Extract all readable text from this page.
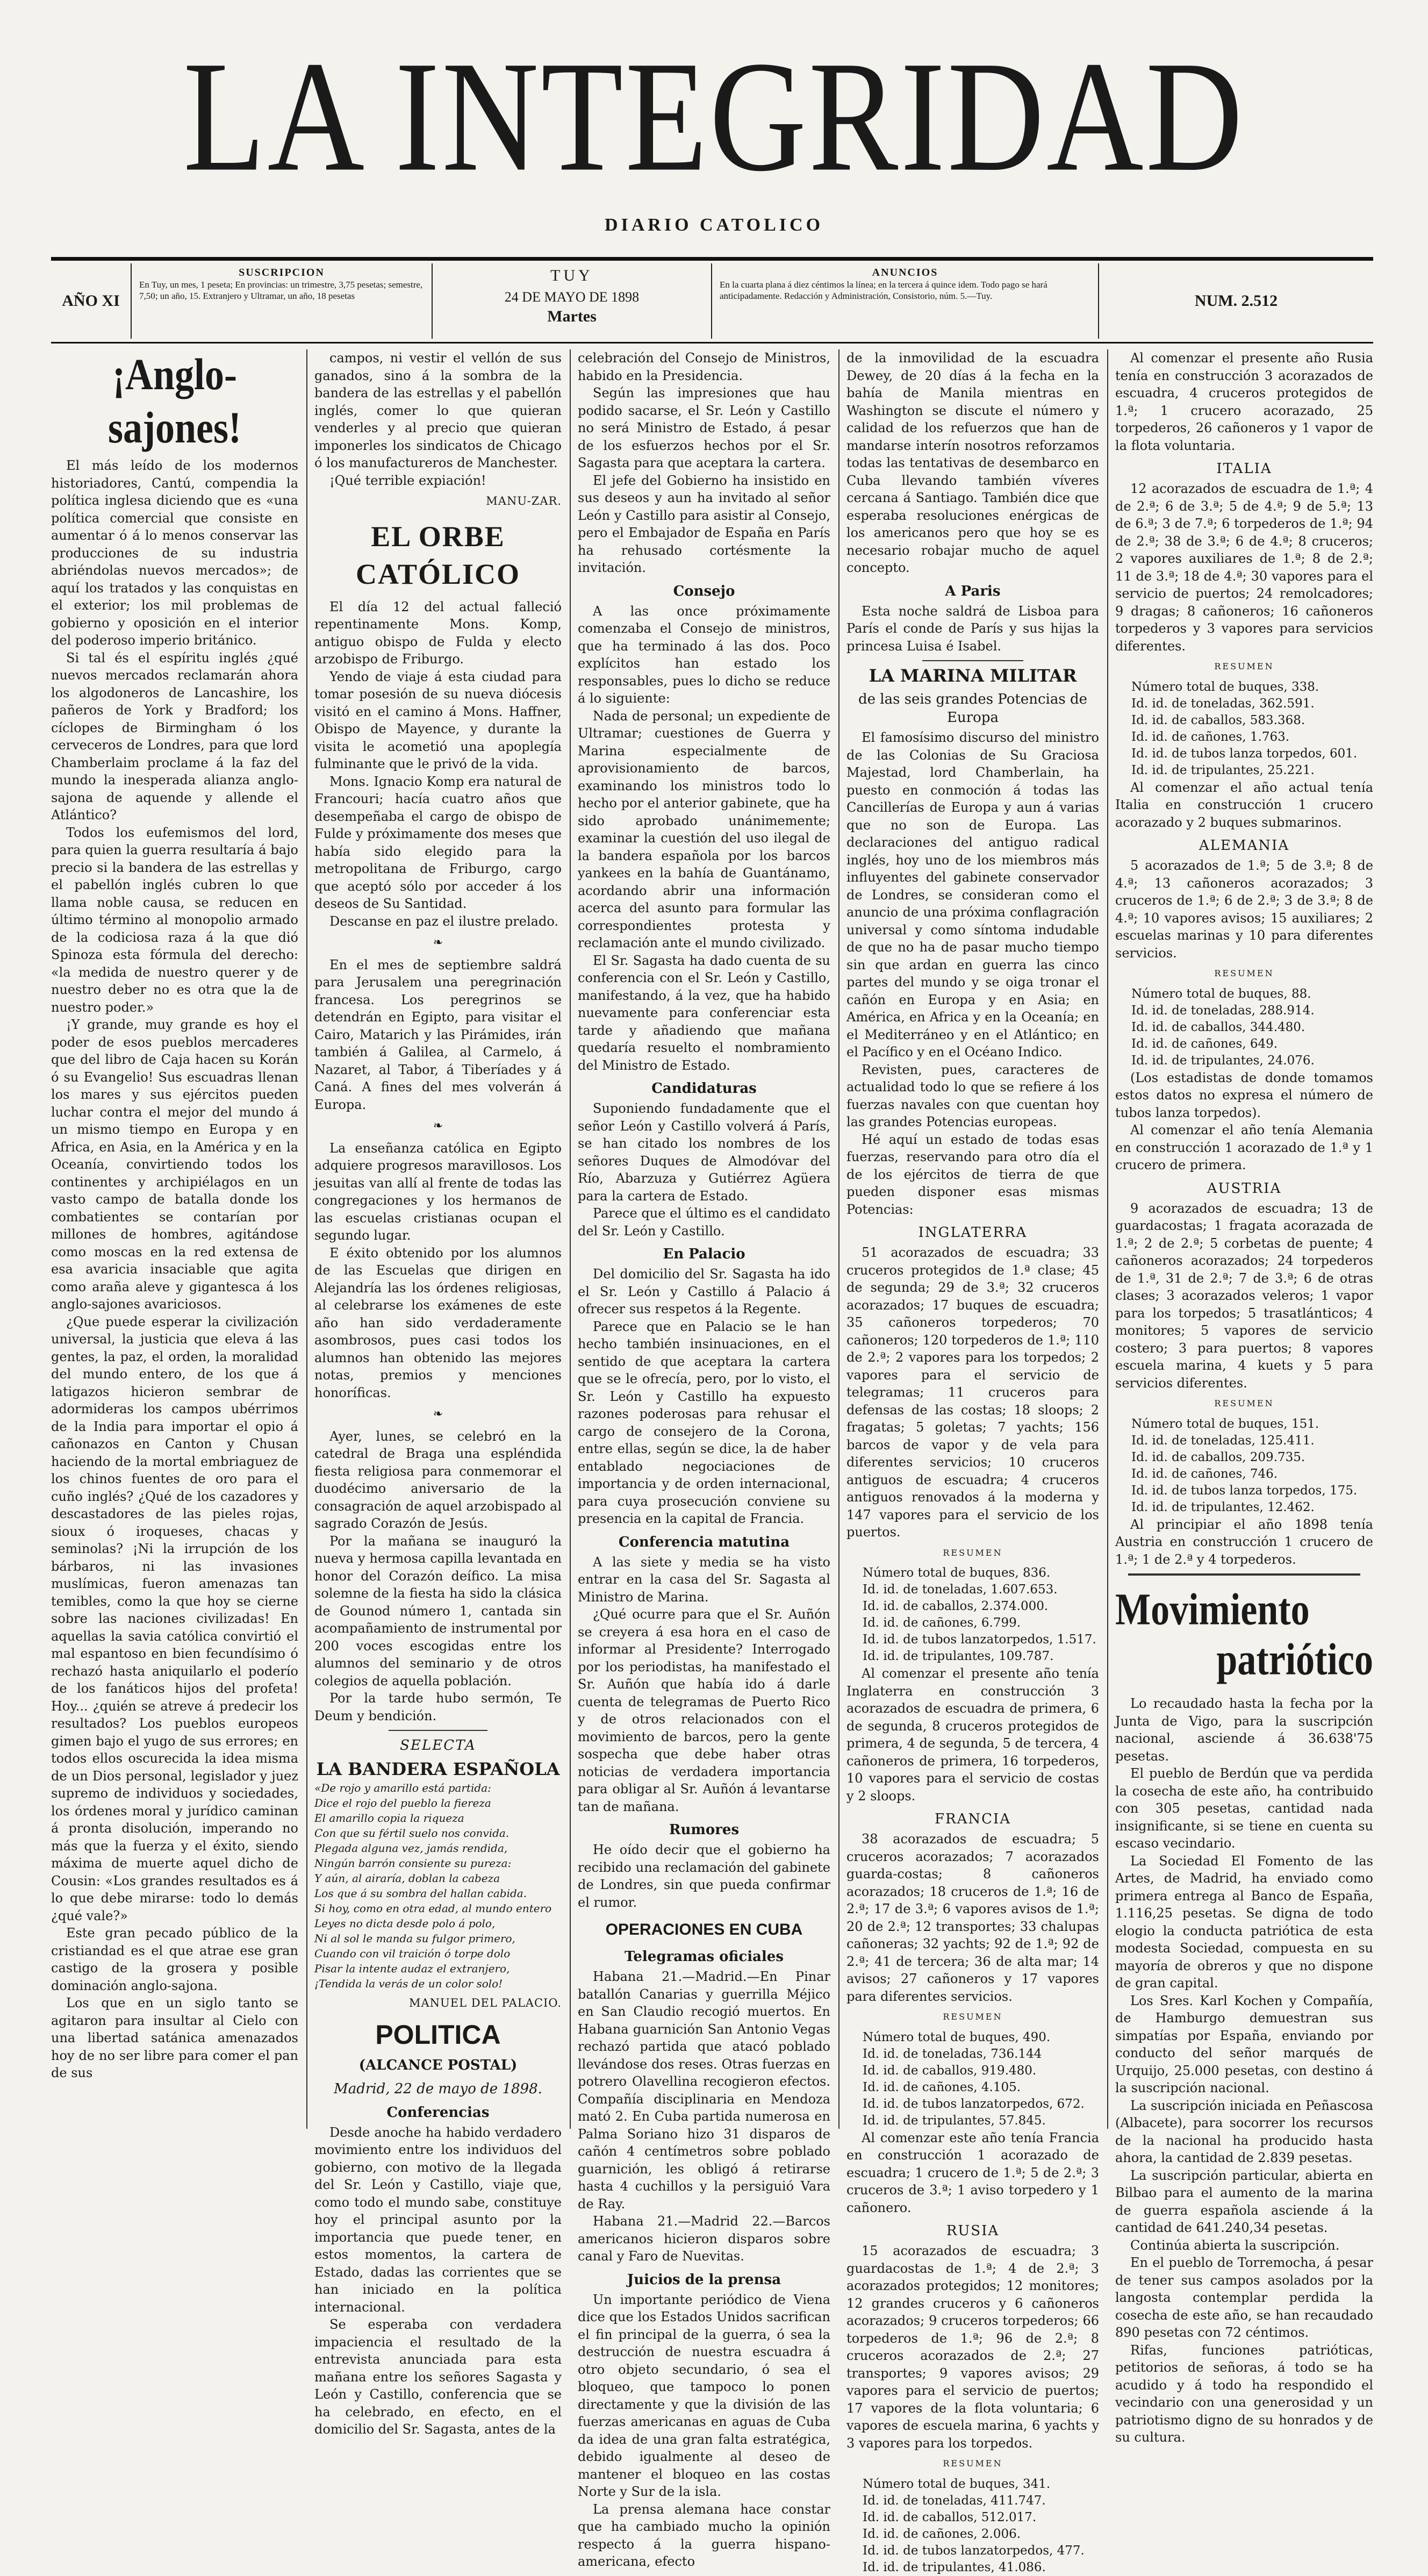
LA INTEGRIDAD
DIARIO CATOLICO
AÑO XI
SUSCRIPCION
En Tuy, un mes, 1 peseta; En provincias: un trimestre, 3,75 pesetas; semestre, 7,50; un año, 15. Extranjero y Ultramar, un año, 18 pesetas
TUY
24 DE MAYO DE 1898
Martes
ANUNCIOS
En la cuarta plana á diez céntimos la línea; en la tercera á quince idem. Todo pago se hará anticipadamente. Redacción y Administración, Consistorio, núm. 5.—Tuy.	NUM. 2.512
¡Anglo-sajones!

El más leído de los modernos historiadores, Cantú, compendia la política inglesa diciendo que es «una política comercial que consiste en aumentar ó á lo menos conservar las producciones de su industria abriéndolas nuevos mercados»; de aquí los tratados y las conquistas en el exterior; los mil problemas de gobierno y oposición en el interior del poderoso imperio británico.

Si tal és el espíritu inglés ¿qué nuevos mercados reclamarán ahora los algodoneros de Lancashire, los pañeros de York y Bradford; los cíclopes de Birmingham ó los cerveceros de Londres, para que lord Chamberlaim proclame á la faz del mundo la inesperada alianza anglo-sajona de aquende y allende el Atlántico?

Todos los eufemismos del lord, para quien la guerra resultaría á bajo precio si la bandera de las estrellas y el pabellón inglés cubren lo que llama noble causa, se reducen en último término al monopolio armado de la codiciosa raza á la que dió Spinoza esta fórmula del derecho: «la medida de nuestro querer y de nuestro deber no es otra que la de nuestro poder.»

¡Y grande, muy grande es hoy el poder de esos pueblos mercaderes que del libro de Caja hacen su Korán ó su Evangelio! Sus escuadras llenan los mares y sus ejércitos pueden luchar contra el mejor del mundo á un mismo tiempo en Europa y en Africa, en Asia, en la América y en la Oceanía, convirtiendo todos los continentes y archipiélagos en un vasto campo de batalla donde los combatientes se contarían por millones de hombres, agitándose como moscas en la red extensa de esa avaricia insaciable que agita como araña aleve y gigantesca á los anglo-sajones avariciosos.

¿Que puede esperar la civilización universal, la justicia que eleva á las gentes, la paz, el orden, la moralidad del mundo entero, de los que á latigazos hicieron sembrar de adormideras los campos ubérrimos de la India para importar el opio á cañonazos en Canton y Chusan haciendo de la mortal embriaguez de los chinos fuentes de oro para el cuño inglés? ¿Qué de los cazadores y descastadores de las pieles rojas, sioux ó iroqueses, chacas y seminolas? ¡Ni la irrupción de los bárbaros, ni las invasiones muslímicas, fueron amenazas tan temibles, como la que hoy se cierne sobre las naciones civilizadas! En aquellas la savia católica convirtió el mal espantoso en bien fecundísimo ó rechazó hasta aniquilarlo el poderío de los fanáticos hijos del profeta! Hoy... ¿quién se atreve á predecir los resultados? Los pueblos europeos gimen bajo el yugo de sus errores; en todos ellos oscurecida la idea misma de un Dios personal, legislador y juez supremo de individuos y sociedades, los órdenes moral y jurídico caminan á pronta disolución, imperando no más que la fuerza y el éxito, siendo máxima de muerte aquel dicho de Cousin: «Los grandes resultados es á lo que debe mirarse: todo lo demás ¿qué vale?»

Este gran pecado público de la cristiandad es el que atrae ese gran castigo de la grosera y posible dominación anglo-sajona.

Los que en un siglo tanto se agitaron para insultar al Cielo con una libertad satánica amenazados hoy de no ser libre para comer el pan de sus

campos, ni vestir el vellón de sus ganados, sino á la sombra de la bandera de las estrellas y el pabellón inglés, comer lo que quieran venderles y al precio que quieran imponerles los sindicatos de Chicago ó los manufactureros de Manchester.

¡Qué terrible expiación!

MANU-ZAR.
EL ORBE CATÓLICO

El día 12 del actual falleció repentinamente Mons. Komp, antiguo obispo de Fulda y electo arzobispo de Friburgo.

Yendo de viaje á esta ciudad para tomar posesión de su nueva diócesis visitó en el camino á Mons. Haffner, Obispo de Mayence, y durante la visita le acometió una apoplegía fulminante que le privó de la vida.

Mons. Ignacio Komp era natural de Francouri; hacía cuatro años que desempeñaba el cargo de obispo de Fulde y próximamente dos meses que había sido elegido para la metropolitana de Friburgo, cargo que aceptó sólo por acceder á los deseos de Su Santidad.

Descanse en paz el ilustre prelado.

❧

En el mes de septiembre saldrá para Jerusalem una peregrinación francesa. Los peregrinos se detendrán en Egipto, para visitar el Cairo, Matarich y las Pirámides, irán también á Galilea, al Carmelo, á Nazaret, al Tabor, á Tiberíades y á Caná. A fines del mes volverán á Europa.

❧

La enseñanza católica en Egipto adquiere progresos maravillosos. Los jesuitas van allí al frente de todas las congregaciones y los hermanos de las escuelas cristianas ocupan el segundo lugar.

E éxito obtenido por los alumnos de las Escuelas que dirigen en Alejandría las los órdenes religiosas, al celebrarse los exámenes de este año han sido verdaderamente asombrosos, pues casi todos los alumnos han obtenido las mejores notas, premios y menciones honoríficas.

❧

Ayer, lunes, se celebró en la catedral de Braga una espléndida fiesta religiosa para conmemorar el duodécimo aniversario de la consagración de aquel arzobispado al sagrado Corazón de Jesús.

Por la mañana se inauguró la nueva y hermosa capilla levantada en honor del Corazón deífico. La misa solemne de la fiesta ha sido la clásica de Gounod número 1, cantada sin acompañamiento de instrumental por 200 voces escogidas entre los alumnos del seminario y de otros colegios de aquella población.

Por la tarde hubo sermón, Te Deum y bendición.

SELECTA
LA BANDERA ESPAÑOLA
«De rojo y amarillo está partida:
Dice el rojo del pueblo la fiereza
El amarillo copia la riqueza
Con que su fértil suelo nos convida.
Plegada alguna vez, jamás rendida,
Ningún barrón consiente su pureza:
Y aún, al airaría, doblan la cabeza
Los que á su sombra del hallan cabida.
Si hoy, como en otra edad, al mundo entero
Leyes no dicta desde polo á polo,
Ni al sol le manda su fulgor primero,
Cuando con vil traición ó torpe dolo
Pisar la intente audaz el extranjero,
¡Tendida la verás de un color solo!
MANUEL DEL PALACIO.
POLITICA
(ALCANCE POSTAL)
Madrid, 22 de mayo de 1898.
Conferencias

Desde anoche ha habido verdadero movimiento entre los individuos del gobierno, con motivo de la llegada del Sr. León y Castillo, viaje que, como todo el mundo sabe, constituye hoy el principal asunto por la importancia que puede tener, en estos momentos, la cartera de Estado, dadas las corrientes que se han iniciado en la política internacional.

Se esperaba con verdadera impaciencia el resultado de la entrevista anunciada para esta mañana entre los señores Sagasta y León y Castillo, conferencia que se ha celebrado, en efecto, en el domicilio del Sr. Sagasta, antes de la

celebración del Consejo de Ministros, habido en la Presidencia.

Según las impresiones que hau podido sacarse, el Sr. León y Castillo no será Ministro de Estado, á pesar de los esfuerzos hechos por el Sr. Sagasta para que aceptara la cartera.

El jefe del Gobierno ha insistido en sus deseos y aun ha invitado al señor León y Castillo para asistir al Consejo, pero el Embajador de España en París ha rehusado cortésmente la invitación.

Consejo

A las once próximamente comenzaba el Consejo de ministros, que ha terminado á las dos. Poco explícitos han estado los responsables, pues lo dicho se reduce á lo siguiente:

Nada de personal; un expediente de Ultramar; cuestiones de Guerra y Marina especialmente de aprovisionamiento de barcos, examinando los ministros todo lo hecho por el anterior gabinete, que ha sido aprobado unánimemente; examinar la cuestión del uso ilegal de la bandera española por los barcos yankees en la bahía de Guantánamo, acordando abrir una información acerca del asunto para formular las correspondientes protesta y reclamación ante el mundo civilizado.

El Sr. Sagasta ha dado cuenta de su conferencia con el Sr. León y Castillo, manifestando, á la vez, que ha habido nuevamente para conferenciar esta tarde y añadiendo que mañana quedaría resuelto el nombramiento del Ministro de Estado.

Candidaturas

Suponiendo fundadamente que el señor León y Castillo volverá á París, se han citado los nombres de los señores Duques de Almodóvar del Río, Abarzuza y Gutiérrez Agüera para la cartera de Estado.

Parece que el último es el candidato del Sr. León y Castillo.

En Palacio

Del domicilio del Sr. Sagasta ha ido el Sr. León y Castillo á Palacio á ofrecer sus respetos á la Regente.

Parece que en Palacio se le han hecho también insinuaciones, en el sentido de que aceptara la cartera que se le ofrecía, pero, por lo visto, el Sr. León y Castillo ha expuesto razones poderosas para rehusar el cargo de consejero de la Corona, entre ellas, según se dice, la de haber entablado negociaciones de importancia y de orden internacional, para cuya prosecución conviene su presencia en la capital de Francia.

Conferencia matutina

A las siete y media se ha visto entrar en la casa del Sr. Sagasta al Ministro de Marina.

¿Qué ocurre para que el Sr. Auñón se creyera á esa hora en el caso de informar al Presidente? Interrogado por los periodistas, ha manifestado el Sr. Auñón que había ido á darle cuenta de telegramas de Puerto Rico y de otros relacionados con el movimiento de barcos, pero la gente sospecha que debe haber otras noticias de verdadera importancia para obligar al Sr. Auñón á levantarse tan de mañana.

Rumores

He oído decir que el gobierno ha recibido una reclamación del gabinete de Londres, sin que pueda confirmar el rumor.

OPERACIONES EN CUBA
Telegramas oficiales

Habana 21.—Madrid.—En Pinar batallón Canarias y guerrilla Méjico en San Claudio recogió muertos. En Habana guarnición San Antonio Vegas rechazó partida que atacó poblado llevándose dos reses. Otras fuerzas en potrero Olavellina recogieron efectos. Compañía disciplinaria en Mendoza mató 2. En Cuba partida numerosa en Palma Soriano hizo 31 disparos de cañón 4 centímetros sobre poblado guarnición, les obligó á retirarse hasta 4 cuchillos y la persiguió Vara de Ray.

Habana 21.—Madrid 22.—Barcos americanos hicieron disparos sobre canal y Faro de Nuevitas.

Juicios de la prensa

Un importante periódico de Viena dice que los Estados Unidos sacrifican el fin principal de la guerra, ó sea la destrucción de nuestra escuadra á otro objeto secundario, ó sea el bloqueo, que tampoco lo ponen directamente y que la división de las fuerzas americanas en aguas de Cuba da idea de una gran falta estratégica, debido igualmente al deseo de mantener el bloqueo en las costas Norte y Sur de la isla.

La prensa alemana hace constar que ha cambiado mucho la opinión respecto á la guerra hispano-americana, efecto

de la inmovilidad de la escuadra Dewey, de 20 días á la fecha en la bahía de Manila mientras en Washington se discute el número y calidad de los refuerzos que han de mandarse interín nosotros reforzamos todas las tentativas de desembarco en Cuba llevando también víveres cercana á Santiago. También dice que esperaba resoluciones enérgicas de los americanos pero que hoy se es necesario robajar mucho de aquel concepto.

A Paris

Esta noche saldrá de Lisboa para París el conde de París y sus hijas la princesa Luisa é Isabel.

LA MARINA MILITAR
de las seis grandes Potencias de Europa

El famosísimo discurso del ministro de las Colonias de Su Graciosa Majestad, lord Chamberlain, ha puesto en conmoción á todas las Cancillerías de Europa y aun á varias que no son de Europa. Las declaraciones del antiguo radical inglés, hoy uno de los miembros más influyentes del gabinete conservador de Londres, se consideran como el anuncio de una próxima conflagración universal y como síntoma indudable de que no ha de pasar mucho tiempo sin que ardan en guerra las cinco partes del mundo y se oiga tronar el cañón en Europa y en Asia; en América, en Africa y en la Oceanía; en el Mediterráneo y en el Atlántico; en el Pacífico y en el Océano Indico.

Revisten, pues, caracteres de actualidad todo lo que se refiere á los fuerzas navales con que cuentan hoy las grandes Potencias europeas.

Hé aquí un estado de todas esas fuerzas, reservando para otro día el de los ejércitos de tierra de que pueden disponer esas mismas Potencias:

INGLATERRA

51 acorazados de escuadra; 33 cruceros protegidos de 1.ª clase; 45 de segunda; 29 de 3.ª; 32 cruceros acorazados; 17 buques de escuadra; 35 cañoneros torpederos; 70 cañoneros; 120 torpederos de 1.ª; 110 de 2.ª; 2 vapores para los torpedos; 2 vapores para el servicio de telegramas; 11 cruceros para defensas de las costas; 18 sloops; 2 fragatas; 5 goletas; 7 yachts; 156 barcos de vapor y de vela para diferentes servicios; 10 cruceros antiguos de escuadra; 4 cruceros antiguos renovados á la moderna y 147 vapores para el servicio de los puertos.

RESUMEN
Número total de buques, 836.
Id. id. de toneladas, 1.607.653.
Id. id. de caballos, 2.374.000.
Id. id. de cañones, 6.799.
Id. id. de tubos lanzatorpedos, 1.517.
Id. id. de tripulantes, 109.787.

Al comenzar el presente año tenía Inglaterra en construcción 3 acorazados de escuadra de primera, 6 de segunda, 8 cruceros protegidos de primera, 4 de segunda, 5 de tercera, 4 cañoneros de primera, 16 torpederos, 10 vapores para el servicio de costas y 2 sloops.

FRANCIA

38 acorazados de escuadra; 5 cruceros acorazados; 7 acorazados guarda-costas; 8 cañoneros acorazados; 18 cruceros de 1.ª; 16 de 2.ª; 17 de 3.ª; 6 vapores avisos de 1.ª; 20 de 2.ª; 12 transportes; 33 chalupas cañoneras; 32 yachts; 92 de 1.ª; 92 de 2.ª; 41 de tercera; 36 de alta mar; 14 avisos; 27 cañoneros y 17 vapores para diferentes servicios.

RESUMEN
Número total de buques, 490.
Id. id. de toneladas, 736.144
Id. id. de caballos, 919.480.
Id. id. de cañones, 4.105.
Id. id. de tubos lanzatorpedos, 672.
Id. id. de tripulantes, 57.845.

Al comenzar este año tenía Francia en construcción 1 acorazado de escuadra; 1 crucero de 1.ª; 5 de 2.ª; 3 cruceros de 3.ª; 1 aviso torpedero y 1 cañonero.

RUSIA

15 acorazados de escuadra; 3 guardacostas de 1.ª; 4 de 2.ª; 3 acorazados protegidos; 12 monitores; 12 grandes cruceros y 6 cañoneros acorazados; 9 cruceros torpederos; 66 torpederos de 1.ª; 96 de 2.ª; 8 cruceros acorazados de 2.ª; 27 transportes; 9 vapores avisos; 29 vapores para el servicio de puertos; 17 vapores de la flota voluntaria; 6 vapores de escuela marina, 6 yachts y 3 vapores para los torpedos.

RESUMEN
Número total de buques, 341.
Id. id. de toneladas, 411.747.
Id. id. de caballos, 512.017.
Id. id. de cañones, 2.006.
Id. id. de tubos lanzatorpedos, 477.
Id. id. de tripulantes, 41.086.

Al comenzar el presente año Rusia tenía en construcción 3 acorazados de escuadra, 4 cruceros protegidos de 1.ª; 1 crucero acorazado, 25 torpederos, 26 cañoneros y 1 vapor de la flota voluntaria.

ITALIA

12 acorazados de escuadra de 1.ª; 4 de 2.ª; 6 de 3.ª; 5 de 4.ª; 9 de 5.ª; 13 de 6.ª; 3 de 7.ª; 6 torpederos de 1.ª; 94 de 2.ª; 38 de 3.ª; 6 de 4.ª; 8 cruceros; 2 vapores auxiliares de 1.ª; 8 de 2.ª; 11 de 3.ª; 18 de 4.ª; 30 vapores para el servicio de puertos; 24 remolcadores; 9 dragas; 8 cañoneros; 16 cañoneros torpederos y 3 vapores para servicios diferentes.

RESUMEN
Número total de buques, 338.
Id. id. de toneladas, 362.591.
Id. id. de caballos, 583.368.
Id. id. de cañones, 1.763.
Id. id. de tubos lanza torpedos, 601.
Id. id. de tripulantes, 25.221.

Al comenzar el año actual tenía Italia en construcción 1 crucero acorazado y 2 buques submarinos.

ALEMANIA

5 acorazados de 1.ª; 5 de 3.ª; 8 de 4.ª; 13 cañoneros acorazados; 3 cruceros de 1.ª; 6 de 2.ª; 3 de 3.ª; 8 de 4.ª; 10 vapores avisos; 15 auxiliares; 2 escuelas marinas y 10 para diferentes servicios.

RESUMEN
Número total de buques, 88.
Id. id. de toneladas, 288.914.
Id. id. de caballos, 344.480.
Id. id. de cañones, 649.
Id. id. de tripulantes, 24.076.

(Los estadistas de donde tomamos estos datos no expresa el número de tubos lanza torpedos).

Al comenzar el año tenía Alemania en construcción 1 acorazado de 1.ª y 1 crucero de primera.

AUSTRIA

9 acorazados de escuadra; 13 de guardacostas; 1 fragata acorazada de 1.ª; 2 de 2.ª; 5 corbetas de puente; 4 cañoneros acorazados; 24 torpederos de 1.ª, 31 de 2.ª; 7 de 3.ª; 6 de otras clases; 3 acorazados veleros; 1 vapor para los torpedos; 5 trasatlánticos; 4 monitores; 5 vapores de servicio costero; 3 para puertos; 8 vapores escuela marina, 4 kuets y 5 para servicios diferentes.

RESUMEN
Número total de buques, 151.
Id. id. de toneladas, 125.411.
Id. id. de caballos, 209.735.
Id. id. de cañones, 746.
Id. id. de tubos lanza torpedos, 175.
Id. id. de tripulantes, 12.462.

Al principiar el año 1898 tenía Austria en construcción 1 crucero de 1.ª; 1 de 2.ª y 4 torpederos.

Movimiento
patriótico

Lo recaudado hasta la fecha por la Junta de Vigo, para la suscripción nacional, asciende á 36.638'75 pesetas.

El pueblo de Berdún que va perdida la cosecha de este año, ha contribuido con 305 pesetas, cantidad nada insignificante, si se tiene en cuenta su escaso vecindario.

La Sociedad El Fomento de las Artes, de Madrid, ha enviado como primera entrega al Banco de España, 1.116,25 pesetas. Se digna de todo elogio la conducta patriótica de esta modesta Sociedad, compuesta en su mayoría de obreros y que no dispone de gran capital.

Los Sres. Karl Kochen y Compañía, de Hamburgo demuestran sus simpatías por España, enviando por conducto del señor marqués de Urquijo, 25.000 pesetas, con destino á la suscripción nacional.

La suscripción iniciada en Peñascosa (Albacete), para socorrer los recursos de la nacional ha producido hasta ahora, la cantidad de 2.839 pesetas.

La suscripción particular, abierta en Bilbao para el aumento de la marina de guerra española asciende á la cantidad de 641.240,34 pesetas.

Continúa abierta la suscripción.

En el pueblo de Torremocha, á pesar de tener sus campos asolados por la langosta contemplar perdida la cosecha de este año, se han recaudado 890 pesetas con 72 céntimos.

Rifas, funciones patrióticas, petitorios de señoras, á todo se ha acudido y á todo ha respondido el vecindario con una generosidad y un patriotismo digno de su honrados y de su cultura.
